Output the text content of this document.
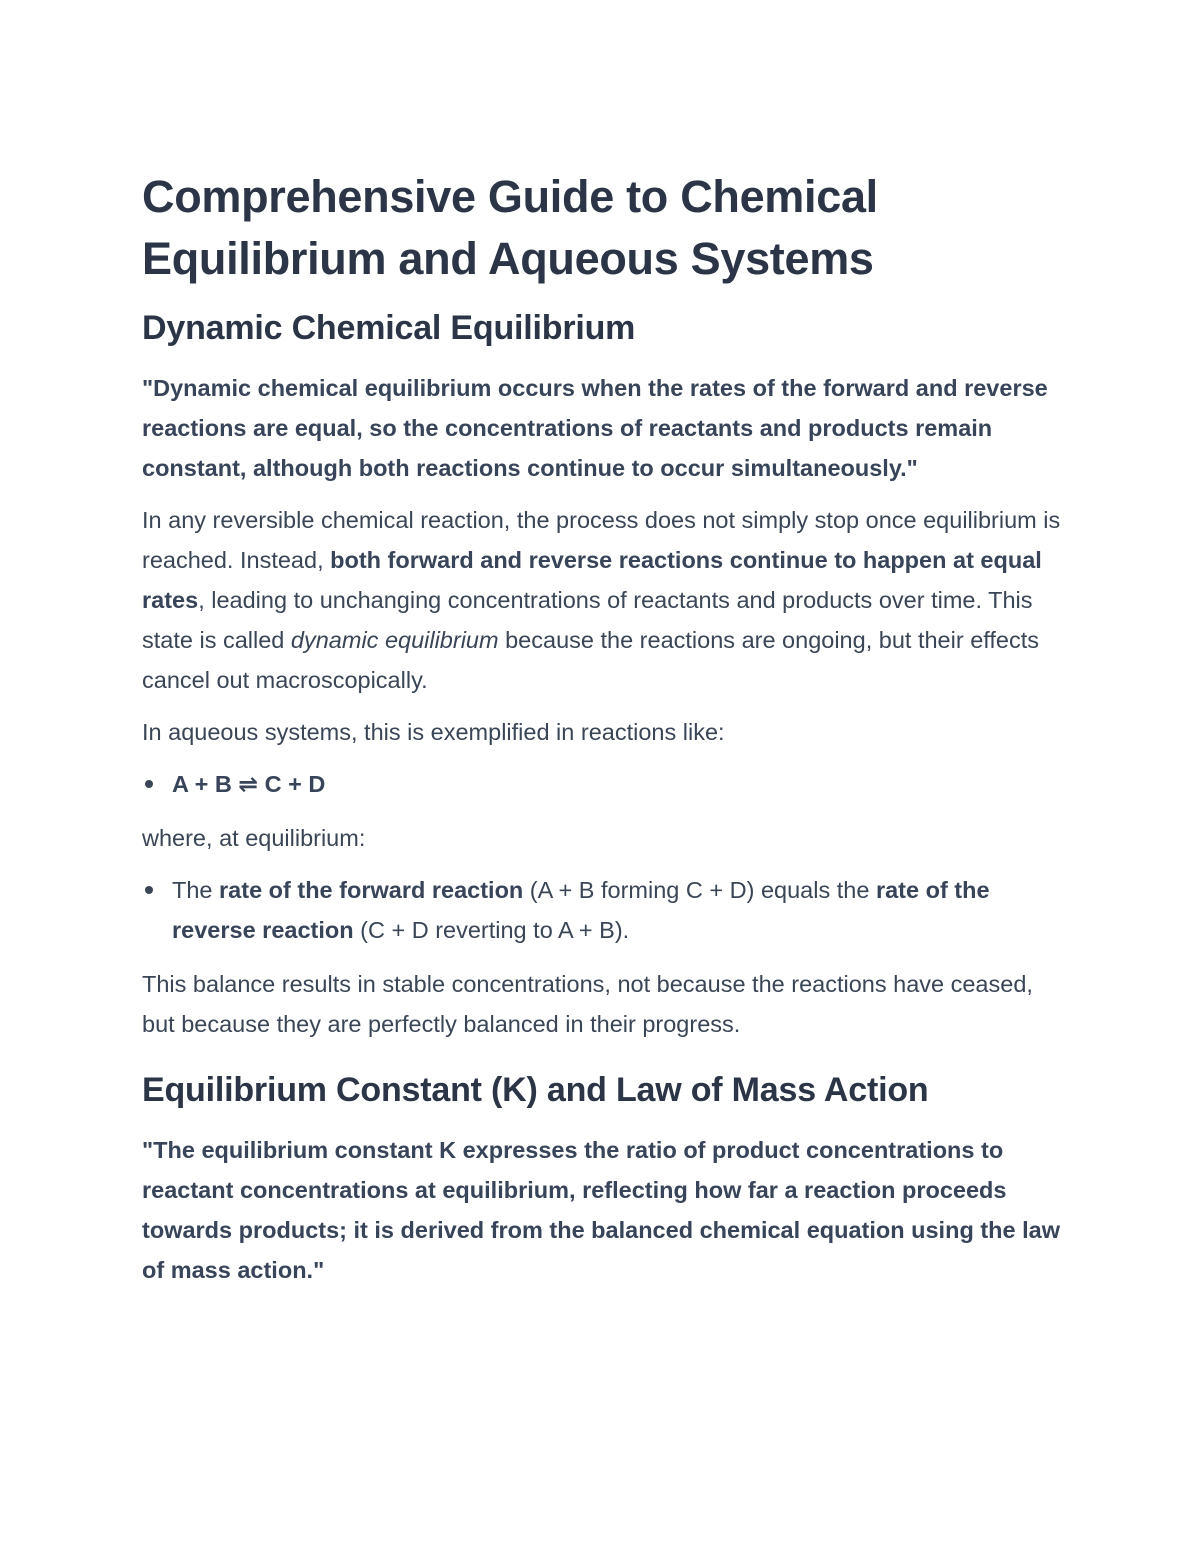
Comprehensive Guide to Chemical Equilibrium and Aqueous Systems
Dynamic Chemical Equilibrium

"Dynamic chemical equilibrium occurs when the rates of the forward and reverse reactions are equal, so the concentrations of reactants and products remain constant, although both reactions continue to occur simultaneously."

In any reversible chemical reaction, the process does not simply stop once equilibrium is reached. Instead, both forward and reverse reactions continue to happen at equal rates, leading to unchanging concentrations of reactants and products over time. This state is called dynamic equilibrium because the reactions are ongoing, but their effects cancel out macroscopically.

In aqueous systems, this is exemplified in reactions like:

A + B ⇌ C + D

where, at equilibrium:

The rate of the forward reaction (A + B forming C + D) equals the rate of the reverse reaction (C + D reverting to A + B).

This balance results in stable concentrations, not because the reactions have ceased, but because they are perfectly balanced in their progress.

Equilibrium Constant (K) and Law of Mass Action

"The equilibrium constant K expresses the ratio of product concentrations to reactant concentrations at equilibrium, reflecting how far a reaction proceeds towards products; it is derived from the balanced chemical equation using the law of mass action."
